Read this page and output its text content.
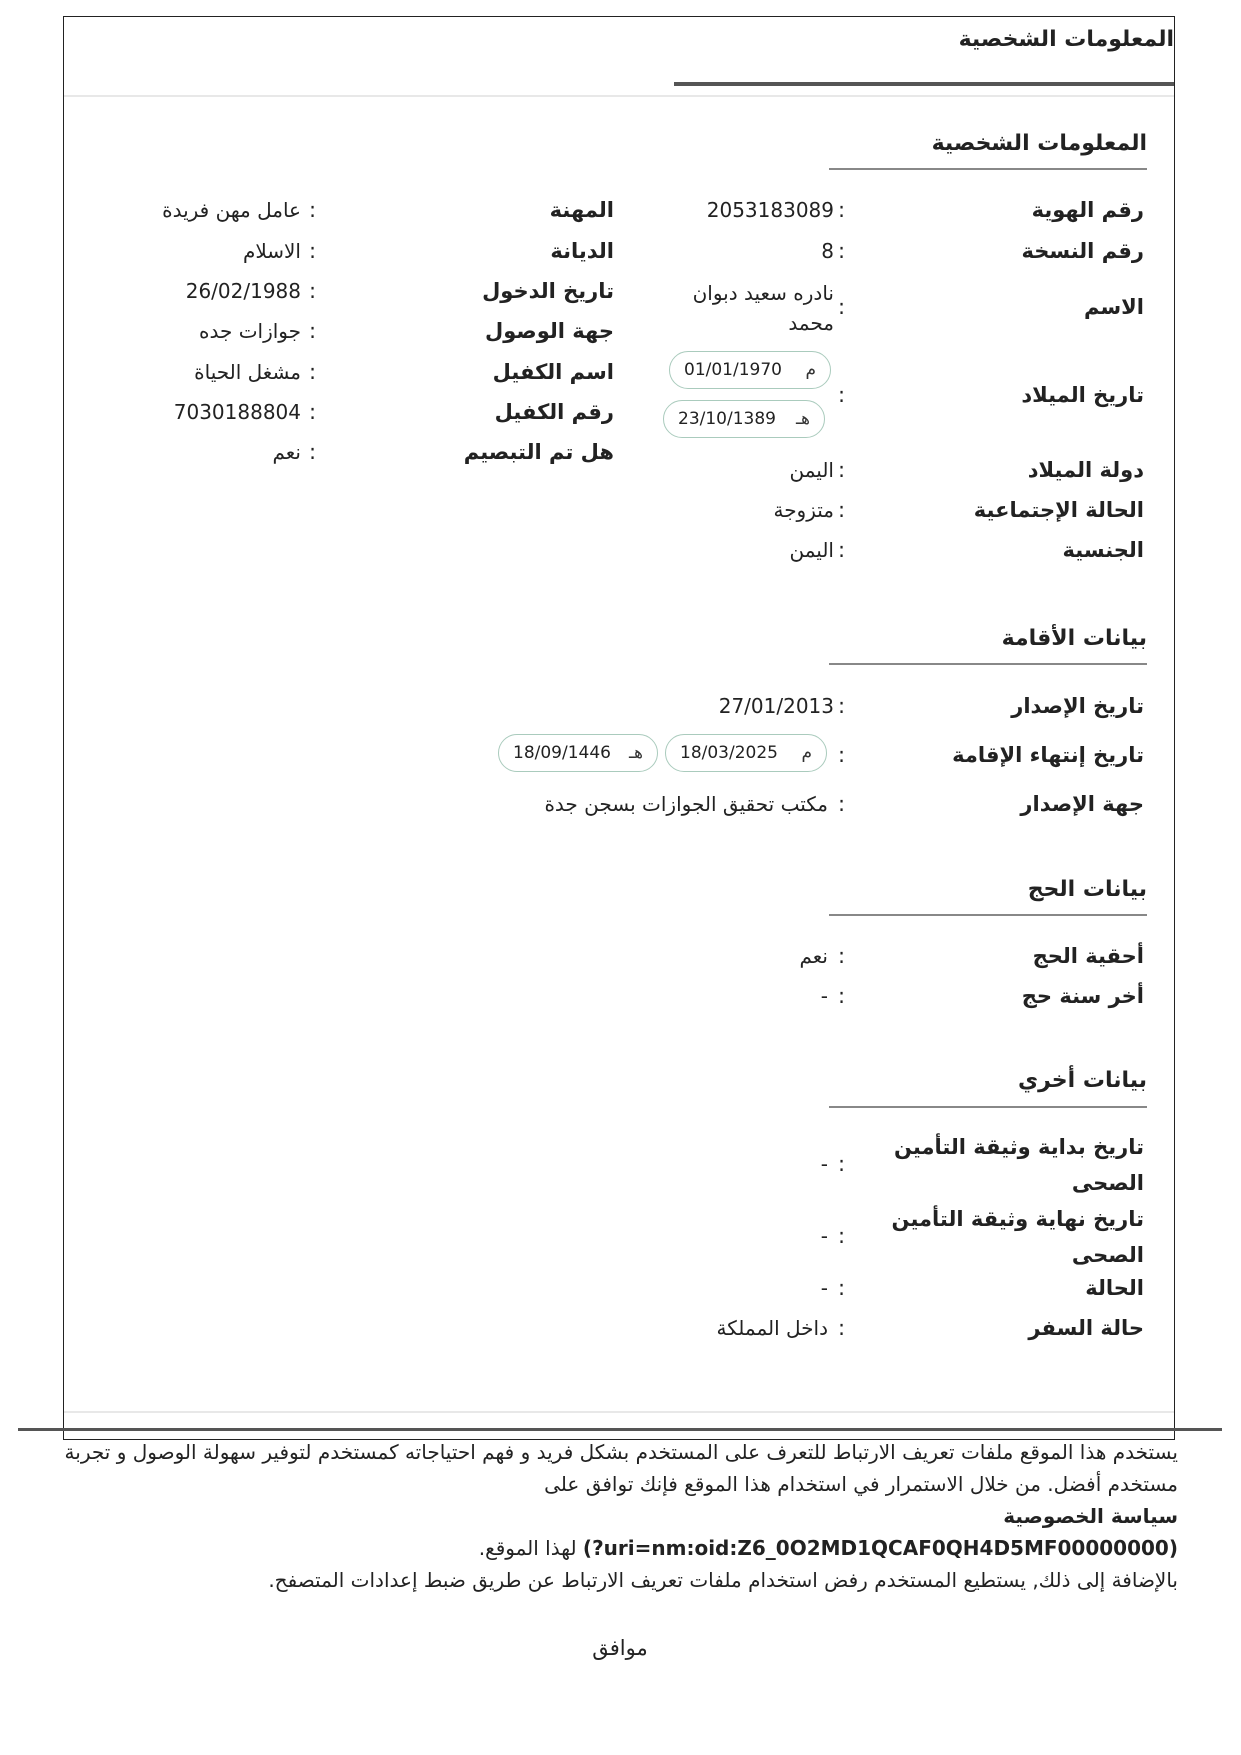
المعلومات الشخصية
المعلومات الشخصية
رقم الهوية
:
2053183089
رقم النسخة
:
8
الاسم
:
نادره سعيد دبوان محمد
تاريخ الميلاد
:
م
01/01/1970
هـ
23/10/1389
دولة الميلاد
:
اليمن
الحالة الإجتماعية
:
متزوجة
الجنسية
:
اليمن
المهنة
:
عامل مهن فريدة
الديانة
:
الاسلام
تاريخ الدخول
:
26/02/1988
جهة الوصول
:
جوازات جده
اسم الكفيل
:
مشغل الحياة
رقم الكفيل
:
7030188804
هل تم التبصيم
:
نعم
بيانات الأقامة
تاريخ الإصدار
:
27/01/2013
تاريخ إنتهاء الإقامة
:
م
18/03/2025
هـ
18/09/1446
جهة الإصدار
:
مكتب تحقيق الجوازات بسجن جدة
بيانات الحج
أحقية الحج
:
نعم
أخر سنة حج
:
-
بيانات أخري
تاريخ بداية وثيقة التأمين الصحى
:
-
تاريخ نهاية وثيقة التأمين الصحى
:
-
الحالة
:
-
حالة السفر
:
داخل المملكة
يستخدم هذا الموقع ملفات تعريف الارتباط للتعرف على المستخدم بشكل فريد و فهم احتياجاته كمستخدم لتوفير سهولة الوصول و تجربة مستخدم أفضل. من خلال الاستمرار في استخدام هذا الموقع فإنك توافق على
سياسة الخصوصية
(uri=nm:oid:Z6_0O2MD1QCAF0QH4D5MF00000000?) لهذا الموقع.
بالإضافة إلى ذلك, يستطيع المستخدم رفض استخدام ملفات تعريف الارتباط عن طريق ضبط إعدادات المتصفح.
موافق
